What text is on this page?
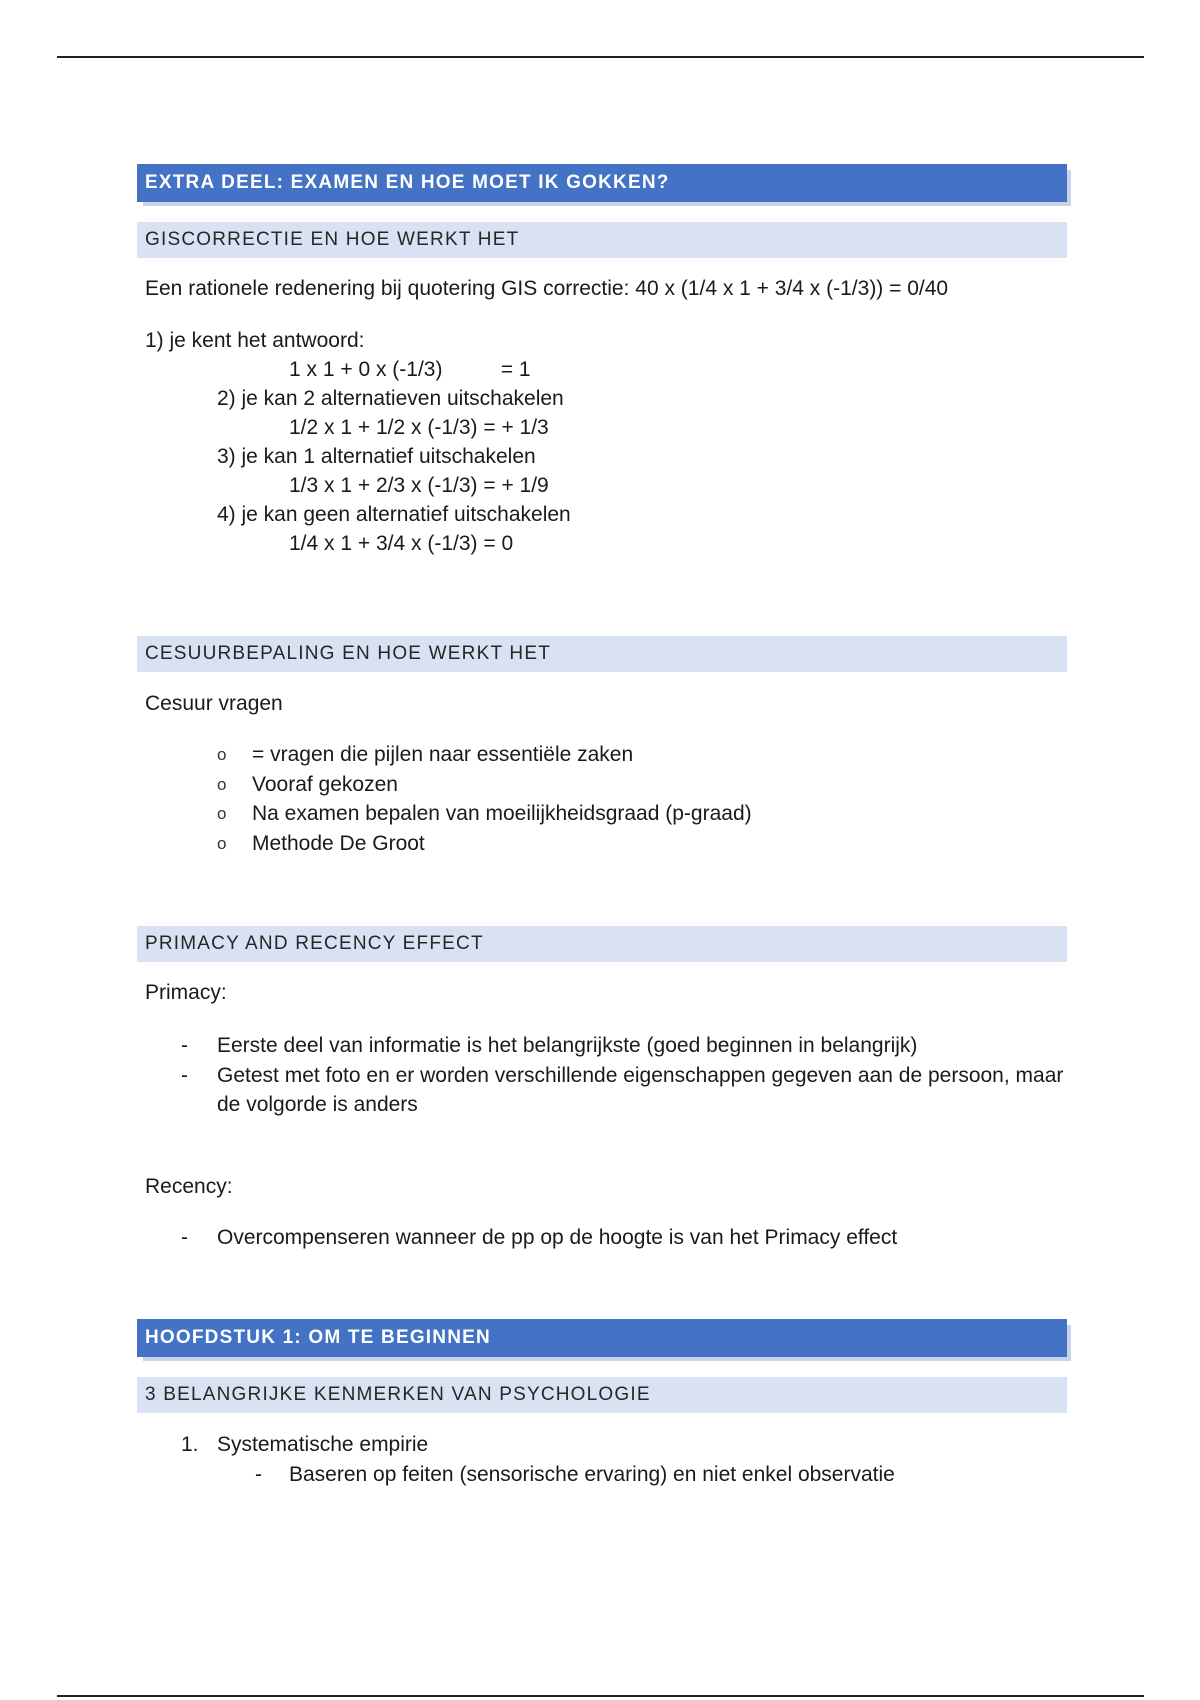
EXTRA DEEL: EXAMEN EN HOE MOET IK GOKKEN?
GISCORRECTIE EN HOE WERKT HET

Een rationele redenering bij quotering GIS correctie: 40 x (1/4 x 1 + 3/4 x (-1/3)) = 0/40

1) je kent het antwoord:

1 x 1 + 0 x (-1/3)          = 1

2) je kan 2 alternatieven uitschakelen

1/2 x 1 + 1/2 x (-1/3) = + 1/3

3) je kan 1 alternatief uitschakelen

1/3 x 1 + 2/3 x (-1/3) = + 1/9

4) je kan geen alternatief uitschakelen

1/4 x 1 + 3/4 x (-1/3) = 0

CESUURBEPALING EN HOE WERKT HET

Cesuur vragen

o = vragen die pijlen naar essentiële zaken
o Vooraf gekozen
o Na examen bepalen van moeilijkheidsgraad (p-graad)
o Methode De Groot
PRIMACY AND RECENCY EFFECT

Primacy:

- Eerste deel van informatie is het belangrijkste (goed beginnen in belangrijk)
- Getest met foto en er worden verschillende eigenschappen gegeven aan de persoon, maar de volgorde is anders

Recency:

- Overcompenseren wanneer de pp op de hoogte is van het Primacy effect
HOOFDSTUK 1: OM TE BEGINNEN
3 BELANGRIJKE KENMERKEN VAN PSYCHOLOGIE
1. Systematische empirie
- Baseren op feiten (sensorische ervaring) en niet enkel observatie
